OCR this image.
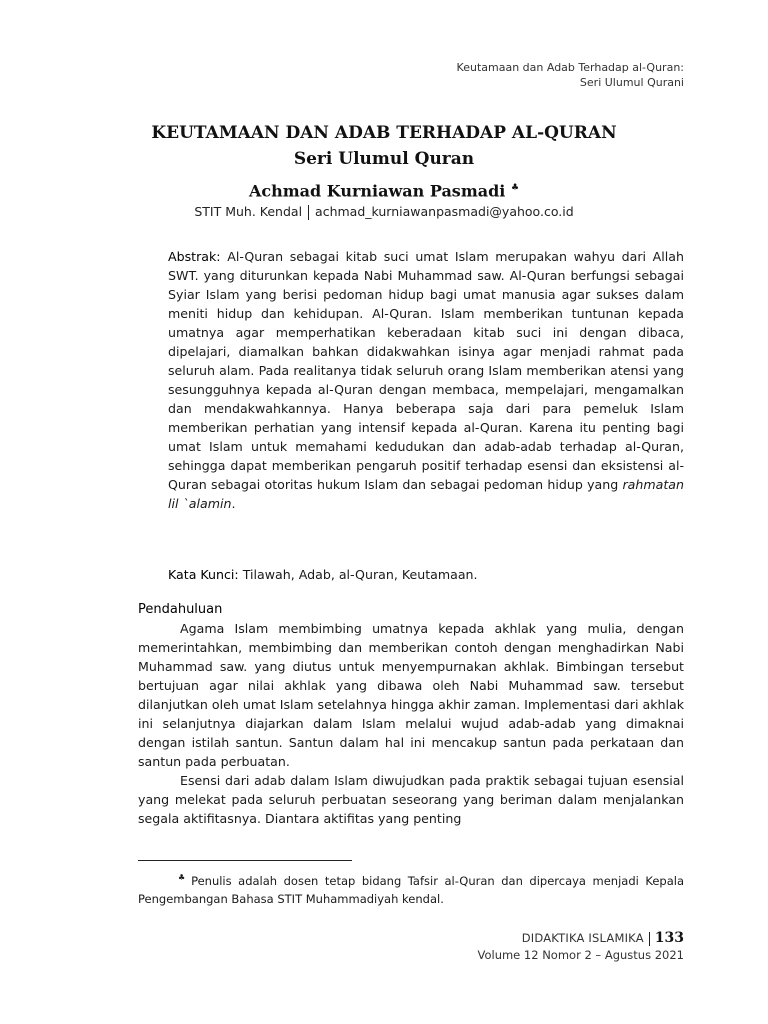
Keutamaan dan Adab Terhadap al-Quran:
Seri Ulumul Qurani
KEUTAMAAN DAN ADAB TERHADAP AL-QURAN
Seri Ulumul Quran
Achmad Kurniawan Pasmadi ♣
STIT Muh. Kendal achmad_kurniawanpasmadi@yahoo.co.id
Abstrak: Al-Quran sebagai kitab suci umat Islam merupakan wahyu dari Allah SWT. yang diturunkan kepada Nabi Muhammad saw. Al-Quran berfungsi sebagai Syiar Islam yang berisi pedoman hidup bagi umat manusia agar sukses dalam meniti hidup dan kehidupan. Al-Quran. Islam memberikan tuntunan kepada umatnya agar memperhatikan keberadaan kitab suci ini dengan dibaca, dipelajari, diamalkan bahkan didakwahkan isinya agar menjadi rahmat pada seluruh alam. Pada realitanya tidak seluruh orang Islam memberikan atensi yang sesungguhnya kepada al-Quran dengan membaca, mempelajari, mengamalkan dan mendakwahkannya. Hanya beberapa saja dari para pemeluk Islam memberikan perhatian yang intensif kepada al-Quran. Karena itu penting bagi umat Islam untuk memahami kedudukan dan adab-adab terhadap al-Quran, sehingga dapat memberikan pengaruh positif terhadap esensi dan eksistensi al-Quran sebagai otoritas hukum Islam dan sebagai pedoman hidup yang rahmatan lil `alamin.
Kata Kunci: Tilawah, Adab, al-Quran, Keutamaan.
Pendahuluan

Agama Islam membimbing umatnya kepada akhlak yang mulia, dengan memerintahkan, membimbing dan memberikan contoh dengan menghadirkan Nabi Muhammad saw. yang diutus untuk menyempurnakan akhlak. Bimbingan tersebut bertujuan agar nilai akhlak yang dibawa oleh Nabi Muhammad saw. tersebut dilanjutkan oleh umat Islam setelahnya hingga akhir zaman. Implementasi dari akhlak ini selanjutnya diajarkan dalam Islam melalui wujud adab-adab yang dimaknai dengan istilah santun. Santun dalam hal ini mencakup santun pada perkataan dan santun pada perbuatan.

Esensi dari adab dalam Islam diwujudkan pada praktik sebagai tujuan esensial yang melekat pada seluruh perbuatan seseorang yang beriman dalam menjalankan segala aktifitasnya. Diantara aktifitas yang penting

♣ Penulis adalah dosen tetap bidang Tafsir al-Quran dan dipercaya menjadi Kepala Pengembangan Bahasa STIT Muhammadiyah kendal.
DIDAKTIKA ISLAMIKA 133
Volume 12 Nomor 2 – Agustus 2021
